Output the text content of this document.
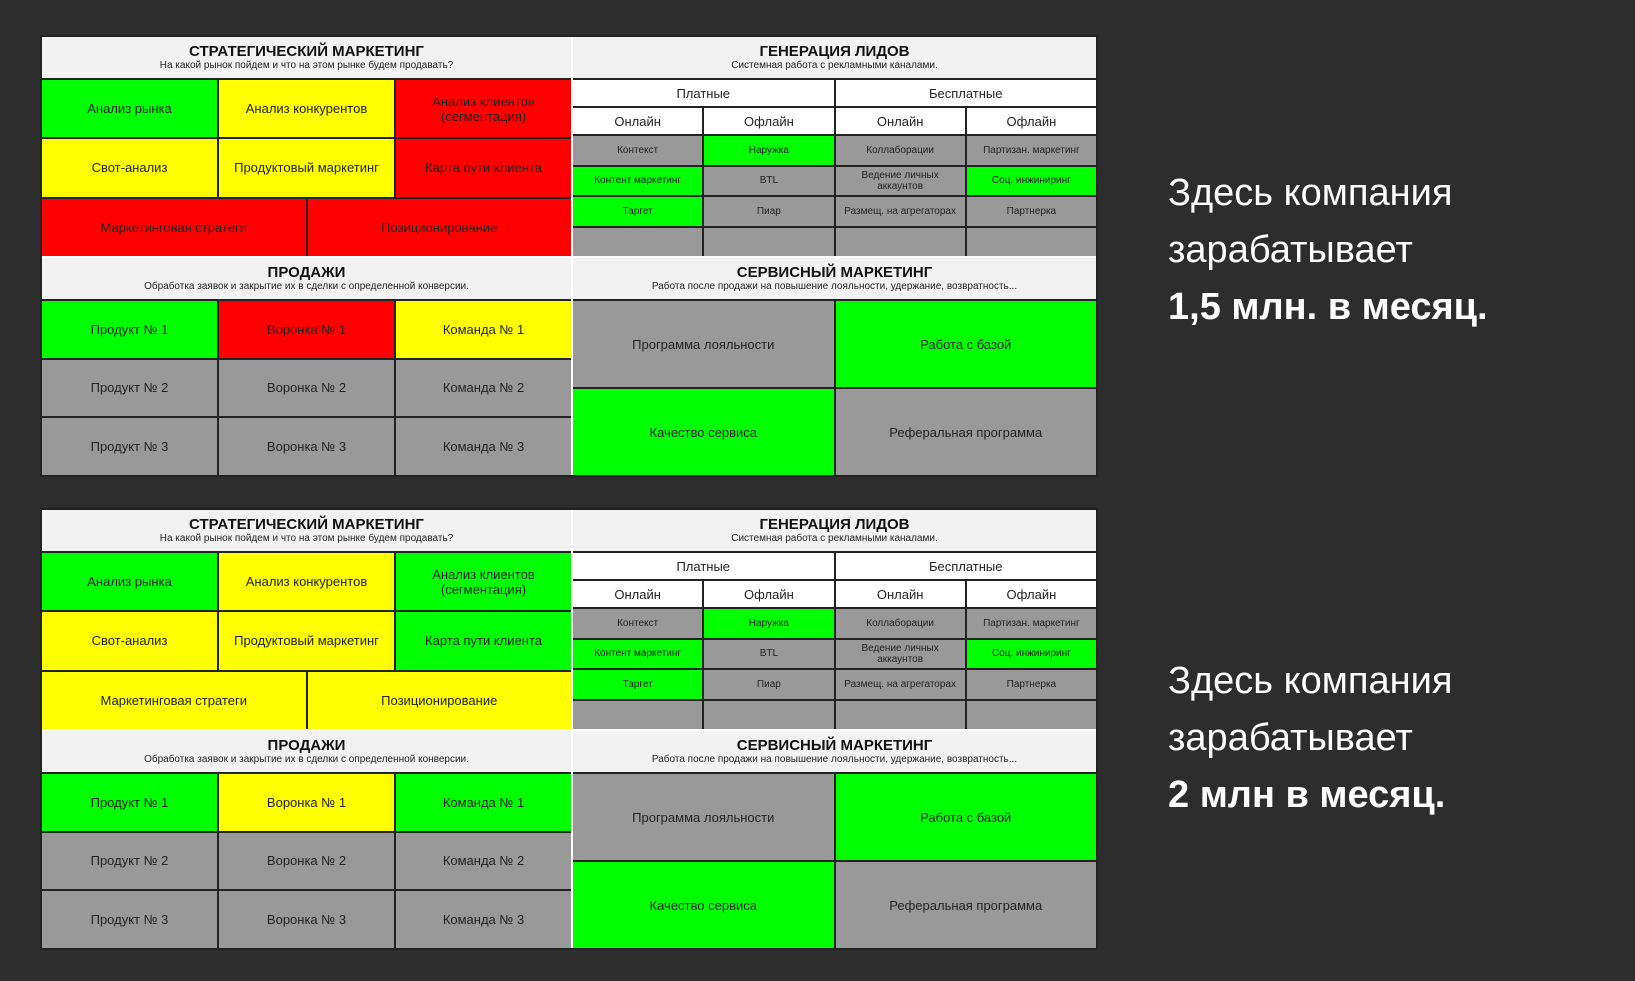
СТРАТЕГИЧЕСКИЙ МАРКЕТИНГ
На какой рынок пойдем и что на этом рынке будем продавать?
Анализ рынка	Анализ конкурентов	Анализ клиентов (сегментация)
Свот-анализ	Продуктовый маркетинг	Карта пути клиента
Маркетинговая стратеги	Позиционирование
ГЕНЕРАЦИЯ ЛИДОВ
Системная работа с рекламными каналами.
Платные	Бесплатные
Онлайн	Офлайн	Онлайн	Офлайн
Контекст	Наружка	Коллаборации	Партизан. маркетинг
Контент маркетинг	BTL	Ведение личных аккаунтов	Соц. инжиниринг
Таргет	Пиар	Размещ. на агрегаторах	Партнерка
ПРОДАЖИ
Обработка заявок и закрытие их в сделки с определенной конверсии.
Продукт № 1	Воронка № 1	Команда № 1
Продукт № 2	Воронка № 2	Команда № 2
Продукт № 3	Воронка № 3	Команда № 3
СЕРВИСНЫЙ МАРКЕТИНГ
Работа после продажи на повышение лояльности, удержание, возвратность...
Программа лояльности	Работа с базой
Качество сервиса	Реферальная программа
СТРАТЕГИЧЕСКИЙ МАРКЕТИНГ
На какой рынок пойдем и что на этом рынке будем продавать?
Анализ рынка	Анализ конкурентов	Анализ клиентов (сегментация)
Свот-анализ	Продуктовый маркетинг	Карта пути клиента
Маркетинговая стратеги	Позиционирование
ГЕНЕРАЦИЯ ЛИДОВ
Системная работа с рекламными каналами.
Платные	Бесплатные
Онлайн	Офлайн	Онлайн	Офлайн
Контекст	Наружка	Коллаборации	Партизан. маркетинг
Контент маркетинг	BTL	Ведение личных аккаунтов	Соц. инжиниринг
Таргет	Пиар	Размещ. на агрегаторах	Партнерка
ПРОДАЖИ
Обработка заявок и закрытие их в сделки с определенной конверсии.
Продукт № 1	Воронка № 1	Команда № 1
Продукт № 2	Воронка № 2	Команда № 2
Продукт № 3	Воронка № 3	Команда № 3
СЕРВИСНЫЙ МАРКЕТИНГ
Работа после продажи на повышение лояльности, удержание, возвратность...
Программа лояльности	Работа с базой
Качество сервиса	Реферальная программа
Здесь компания
зарабатывает
1,5 млн. в месяц.
Здесь компания
зарабатывает
2 млн в месяц.
